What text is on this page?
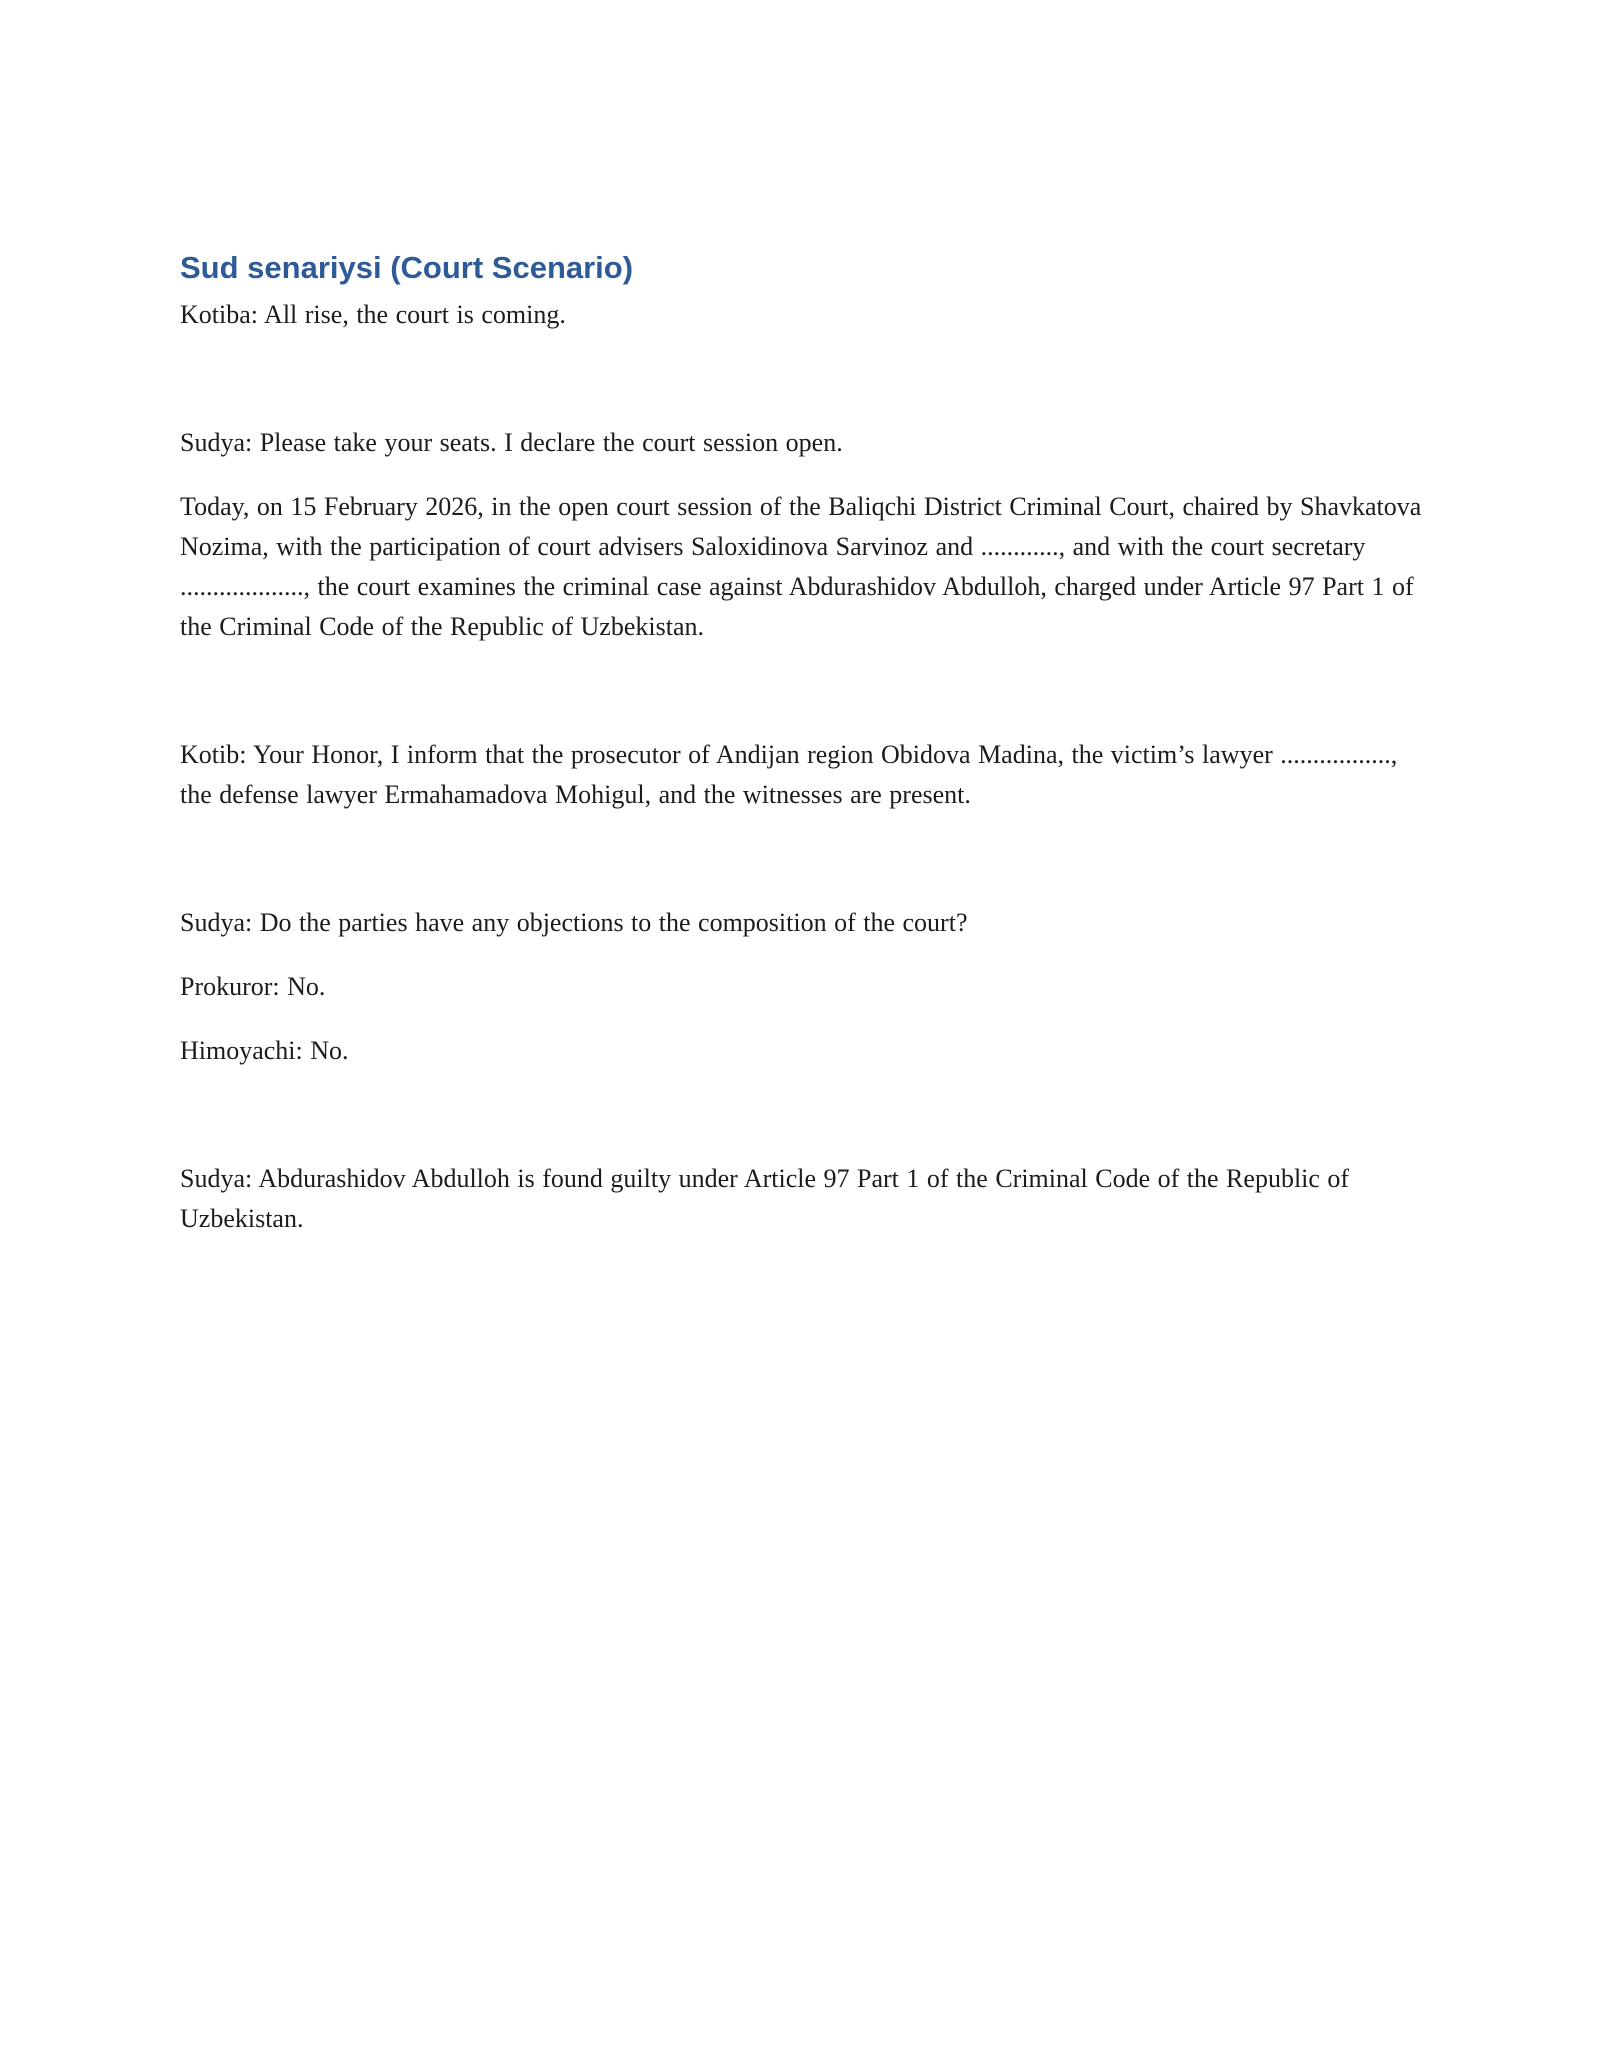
Sud senariysi (Court Scenario)

Kotiba: All rise, the court is coming.

Sudya: Please take your seats. I declare the court session open.

Today, on 15 February 2026, in the open court session of the Baliqchi District Criminal Court, chaired by Shavkatova Nozima, with the participation of court advisers Saloxidinova Sarvinoz and ............, and with the court secretary ..................., the court examines the criminal case against Abdurashidov Abdulloh, charged under Article 97 Part 1 of the Criminal Code of the Republic of Uzbekistan.

Kotib: Your Honor, I inform that the prosecutor of Andijan region Obidova Madina, the victim’s lawyer ................., the defense lawyer Ermahamadova Mohigul, and the witnesses are present.

Sudya: Do the parties have any objections to the composition of the court?

Prokuror: No.

Himoyachi: No.

Sudya: Abdurashidov Abdulloh is found guilty under Article 97 Part 1 of the Criminal Code of the Republic of Uzbekistan.
